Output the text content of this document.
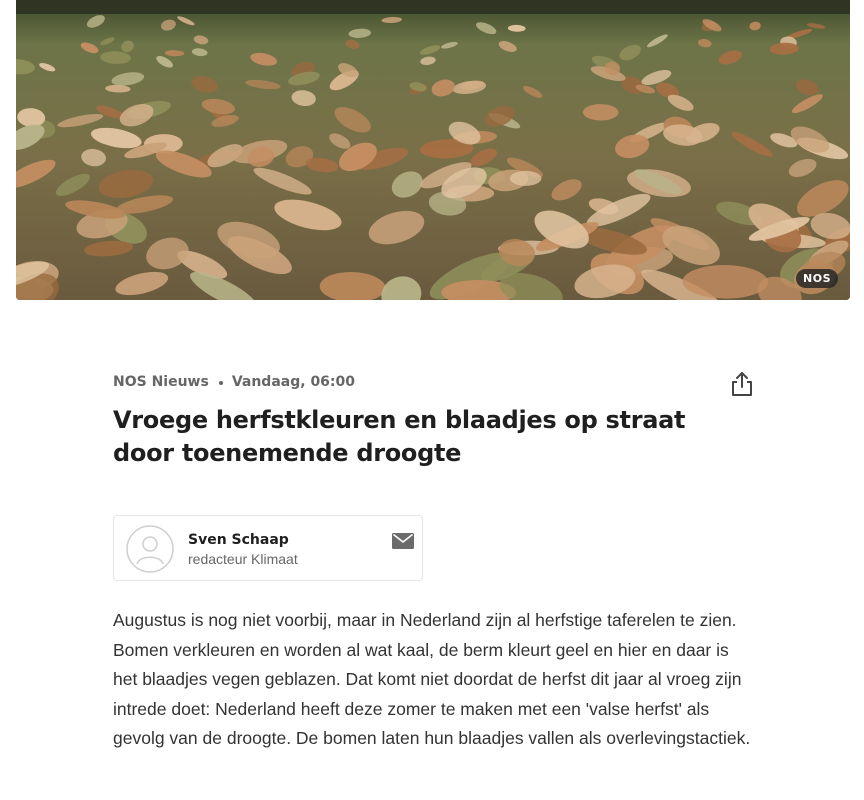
NOS
NOS Nieuws Vandaag, 06:00
Vroege herfstkleuren en blaadjes op straat door toenemende droogte
Sven Schaap
redacteur Klimaat

Augustus is nog niet voorbij, maar in Nederland zijn al herfstige taferelen te zien. Bomen verkleuren en worden al wat kaal, de berm kleurt geel en hier en daar is het blaadjes vegen geblazen. Dat komt niet doordat de herfst dit jaar al vroeg zijn intrede doet: Nederland heeft deze zomer te maken met een 'valse herfst' als gevolg van de droogte. De bomen laten hun blaadjes vallen als overlevingstactiek.
